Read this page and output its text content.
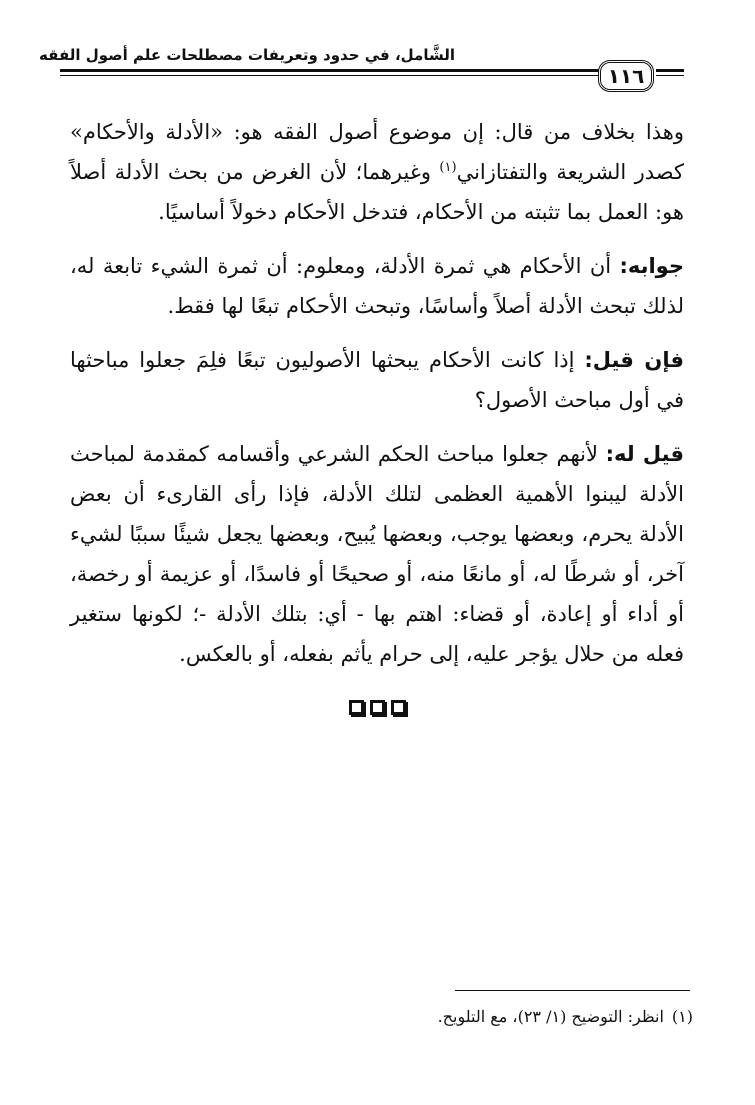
الشَّامل، في حدود وتعريفات مصطلحات علم أصول الفقه
١١٦

وهذا بخلاف من قال: إن موضوع أصول الفقه هو: «الأدلة والأحكام» كصدر الشريعة والتفتازاني$^{(١)}$ وغيرهما؛ لأن الغرض من بحث الأدلة أصلاً هو: العمل بما تثبته من الأحكام، فتدخل الأحكام دخولاً أساسيًا.

جوابه: أن الأحكام هي ثمرة الأدلة، ومعلوم: أن ثمرة الشيء تابعة له، لذلك تبحث الأدلة أصلاً وأساسًا، وتبحث الأحكام تبعًا لها فقط.

فإن قيل: إذا كانت الأحكام يبحثها الأصوليون تبعًا فلِمَ جعلوا مباحثها في أول مباحث الأصول؟

قيل له: لأنهم جعلوا مباحث الحكم الشرعي وأقسامه كمقدمة لمباحث الأدلة ليبنوا الأهمية العظمى لتلك الأدلة، فإذا رأى القارىء أن بعض الأدلة يحرم، وبعضها يوجب، وبعضها يُبيح، وبعضها يجعل شيئًا سببًا لشيء آخر، أو شرطًا له، أو مانعًا منه، أو صحيحًا أو فاسدًا، أو عزيمة أو رخصة، أو أداء أو إعادة، أو قضاء: اهتم بها - أي: بتلك الأدلة -؛ لكونها ستغير فعله من حلال يؤجر عليه، إلى حرام يأثم بفعله، أو بالعكس.

(١)انظر: التوضيح (١/ ٢٣)، مع التلويح.
